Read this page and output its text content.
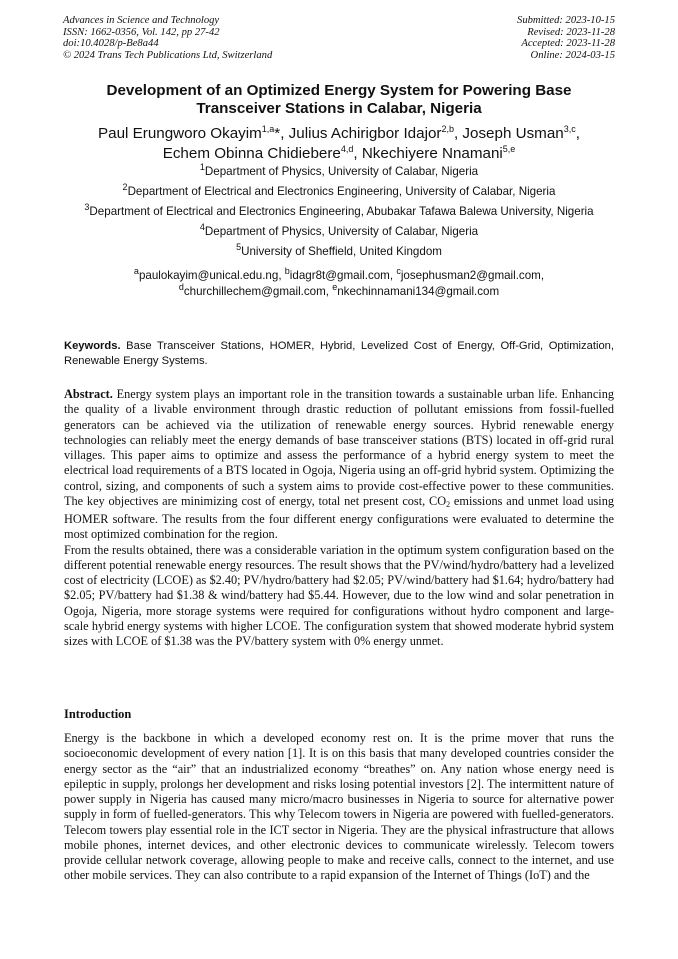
Advances in Science and Technology
ISSN: 1662-0356, Vol. 142, pp 27-42
doi:10.4028/p-Be8a44
© 2024 Trans Tech Publications Ltd, Switzerland
Submitted: 2023-10-15
Revised: 2023-11-28
Accepted: 2023-11-28
Online: 2024-03-15
Development of an Optimized Energy System for Powering Base
Transceiver Stations in Calabar, Nigeria
Paul Erungworo Okayim$^{1,a}$*, Julius Achirigbor Idajor$^{2,b}$, Joseph Usman$^{3,c}$,
Echem Obinna Chidiebere$^{4,d}$, Nkechiyere Nnamani$^{5,e}$
$^1$Department of Physics, University of Calabar, Nigeria
$^2$Department of Electrical and Electronics Engineering, University of Calabar, Nigeria
$^3$Department of Electrical and Electronics Engineering, Abubakar Tafawa Balewa University, Nigeria
$^4$Department of Physics, University of Calabar, Nigeria
$^5$University of Sheffield, United Kingdom
$^a$paulokayim@unical.edu.ng, $^b$idagr8t@gmail.com, $^c$josephusman2@gmail.com,
$^d$churchillechem@gmail.com, $^e$nkechinnamani134@gmail.com
Keywords. Base Transceiver Stations, HOMER, Hybrid, Levelized Cost of Energy, Off-Grid, Optimization, Renewable Energy Systems.

Abstract. Energy system plays an important role in the transition towards a sustainable urban life. Enhancing the quality of a livable environment through drastic reduction of pollutant emissions from fossil-fuelled generators can be achieved via the utilization of renewable energy sources. Hybrid renewable energy technologies can reliably meet the energy demands of base transceiver stations (BTS) located in off-grid rural villages. This paper aims to optimize and assess the performance of a hybrid energy system to meet the electrical load requirements of a BTS located in Ogoja, Nigeria using an off-grid hybrid system. Optimizing the control, sizing, and components of such a system aims to provide cost-effective power to these communities. The key objectives are minimizing cost of energy, total net present cost, CO2 emissions and unmet load using HOMER software. The results from the four different energy configurations were evaluated to determine the most optimized combination for the region.

From the results obtained, there was a considerable variation in the optimum system configuration based on the different potential renewable energy resources. The result shows that the PV/wind/hydro/battery had a levelized cost of electricity (LCOE) as $2.40; PV/hydro/battery had $2.05; PV/wind/battery had $1.64; hydro/battery had $2.05; PV/battery had $1.38 & wind/battery had $5.44. However, due to the low wind and solar penetration in Ogoja, Nigeria, more storage systems were required for configurations without hydro component and large-scale hybrid energy systems with higher LCOE. The configuration system that showed moderate hybrid system sizes with LCOE of $1.38 was the PV/battery system with 0% energy unmet.

Introduction

Energy is the backbone in which a developed economy rest on. It is the prime mover that runs the socioeconomic development of every nation [1]. It is on this basis that many developed countries consider the energy sector as the “air” that an industrialized economy “breathes” on. Any nation whose energy need is epileptic in supply, prolongs her development and risks losing potential investors [2]. The intermittent nature of power supply in Nigeria has caused many micro/macro businesses in Nigeria to source for alternative power supply in form of fuelled-generators. This why Telecom towers in Nigeria are powered with fuelled-generators. Telecom towers play essential role in the ICT sector in Nigeria. They are the physical infrastructure that allows mobile phones, internet devices, and other electronic devices to communicate wirelessly. Telecom towers provide cellular network coverage, allowing people to make and receive calls, connect to the internet, and use other mobile services. They can also contribute to a rapid expansion of the Internet of Things (IoT) and the
